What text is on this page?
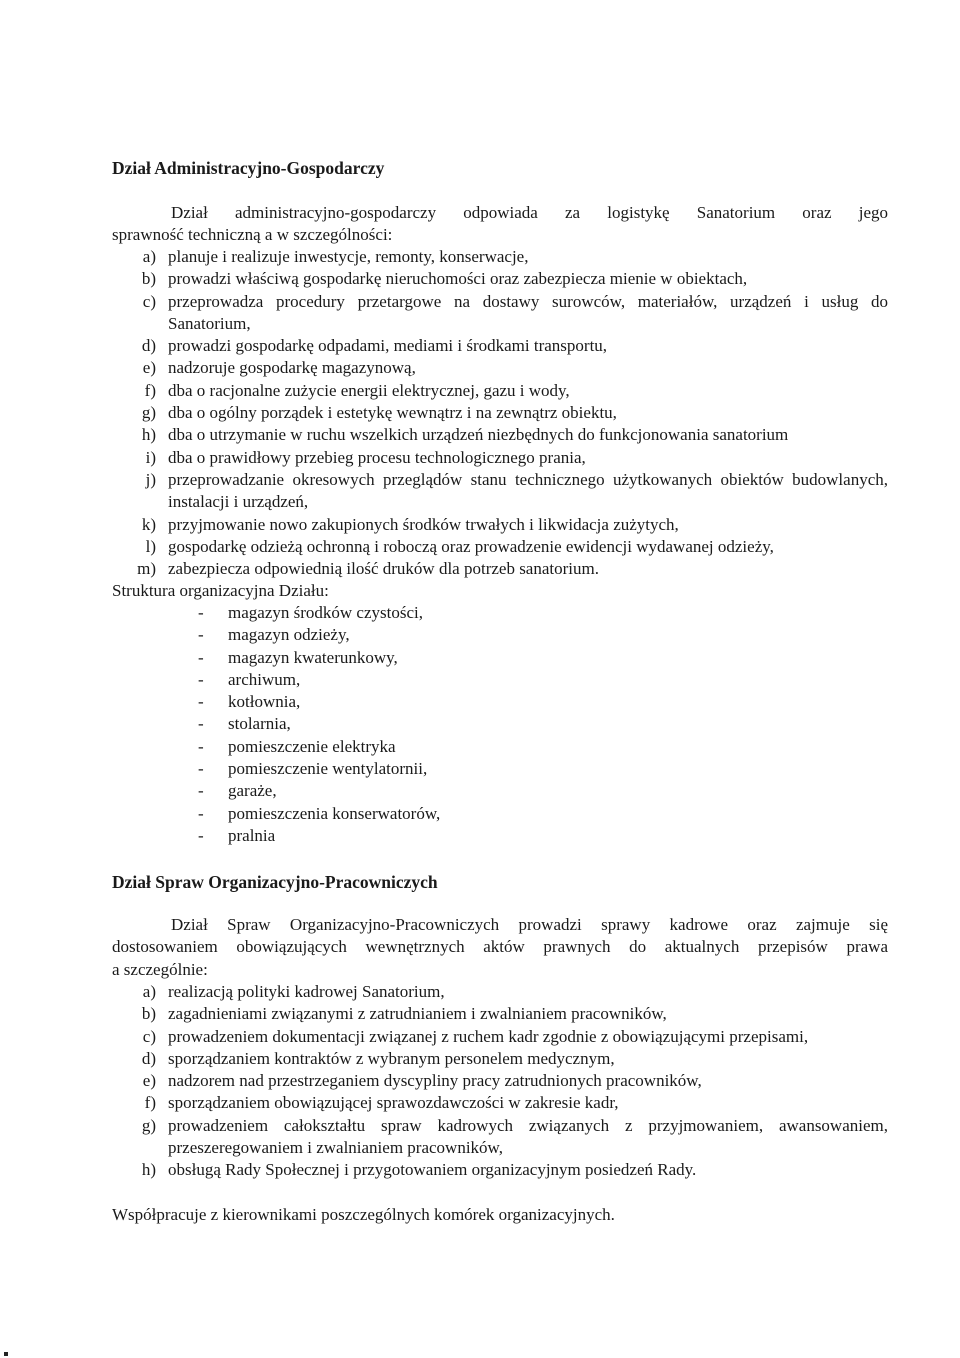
Dział Administracyjno-Gospodarczy

Dział administracyjno-gospodarczy odpowiada za logistykę Sanatorium oraz jego

sprawność techniczną a w szczególności:

a) planuje i realizuje inwestycje, remonty, konserwacje,
b) prowadzi właściwą gospodarkę nieruchomości oraz zabezpiecza mienie w obiektach,
c) przeprowadza procedury przetargowe na dostawy surowców, materiałów, urządzeń i usług do Sanatorium,
d) prowadzi gospodarkę odpadami, mediami i środkami transportu,
e) nadzoruje gospodarkę magazynową,
f) dba o racjonalne zużycie energii elektrycznej, gazu i wody,
g) dba o ogólny porządek i estetykę wewnątrz i na zewnątrz obiektu,
h) dba o utrzymanie w ruchu wszelkich urządzeń niezbędnych do funkcjonowania sanatorium
i) dba o prawidłowy przebieg procesu technologicznego prania,
j) przeprowadzanie okresowych przeglądów stanu technicznego użytkowanych obiektów budowlanych, instalacji i urządzeń,
k) przyjmowanie nowo zakupionych środków trwałych i likwidacja zużytych,
l) gospodarkę odzieżą ochronną i roboczą oraz prowadzenie ewidencji wydawanej odzieży,
m) zabezpiecza odpowiednią ilość druków dla potrzeb sanatorium.
Struktura organizacyjna Działu:
-	magazyn środków czystości,
-	magazyn odzieży,
-	magazyn kwaterunkowy,
-	archiwum,
-	kotłownia,
-	stolarnia,
-	pomieszczenie elektryka
-	pomieszczenie wentylatornii,
-	garaże,
-	pomieszczenia konserwatorów,
-	pralnia
Dział Spraw Organizacyjno-Pracowniczych

Dział Spraw Organizacyjno-Pracowniczych prowadzi sprawy kadrowe oraz zajmuje się

dostosowaniem obowiązujących wewnętrznych aktów prawnych do aktualnych przepisów prawa

a szczególnie:

a) realizacją polityki kadrowej Sanatorium,
b) zagadnieniami związanymi z zatrudnianiem i zwalnianiem pracowników,
c) prowadzeniem dokumentacji związanej z ruchem kadr zgodnie z obowiązującymi przepisami,
d) sporządzaniem kontraktów z wybranym personelem medycznym,
e) nadzorem nad przestrzeganiem dyscypliny pracy zatrudnionych pracowników,
f) sporządzaniem obowiązującej sprawozdawczości w zakresie kadr,
g) prowadzeniem całokształtu spraw kadrowych związanych z przyjmowaniem, awansowaniem, przeszeregowaniem i zwalnianiem pracowników,
h) obsługą Rady Społecznej i przygotowaniem organizacyjnym posiedzeń Rady.
Współpracuje z kierownikami poszczególnych komórek organizacyjnych.
